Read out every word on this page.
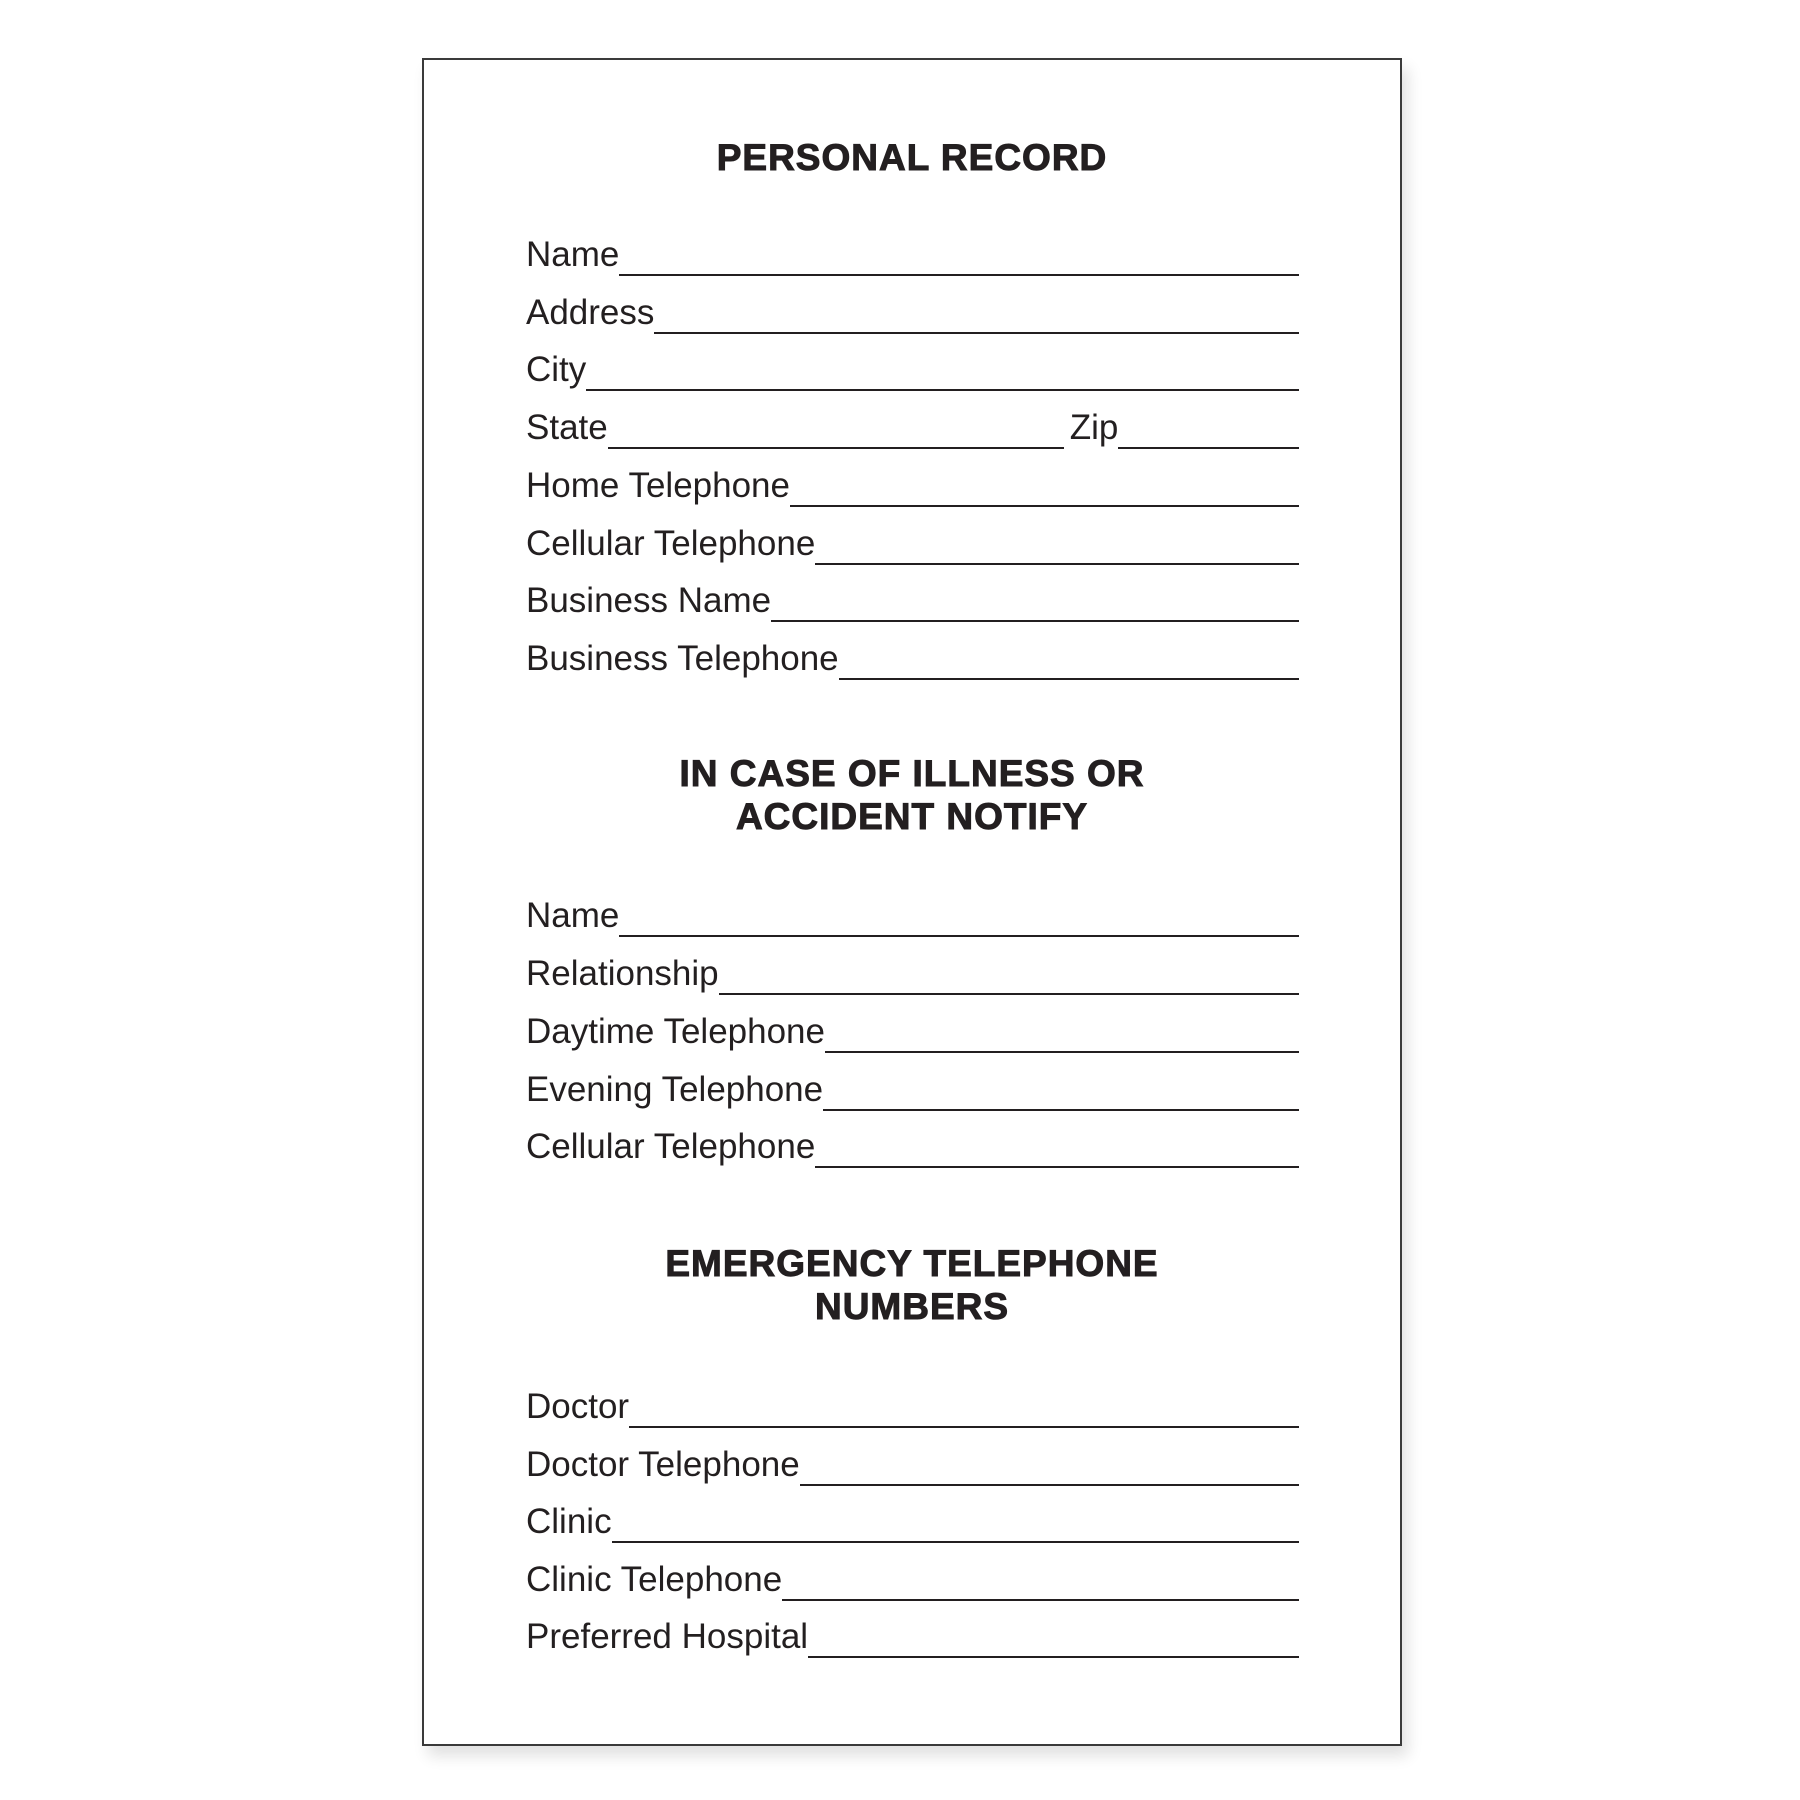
PERSONAL RECORD
IN CASE OF ILLNESS OR
ACCIDENT NOTIFY
EMERGENCY TELEPHONE
NUMBERS
Name
Address
City
State	Zip
Home Telephone
Cellular Telephone
Business Name
Business Telephone
Name
Relationship
Daytime Telephone
Evening Telephone
Cellular Telephone
Doctor
Doctor Telephone
Clinic
Clinic Telephone
Preferred Hospital
